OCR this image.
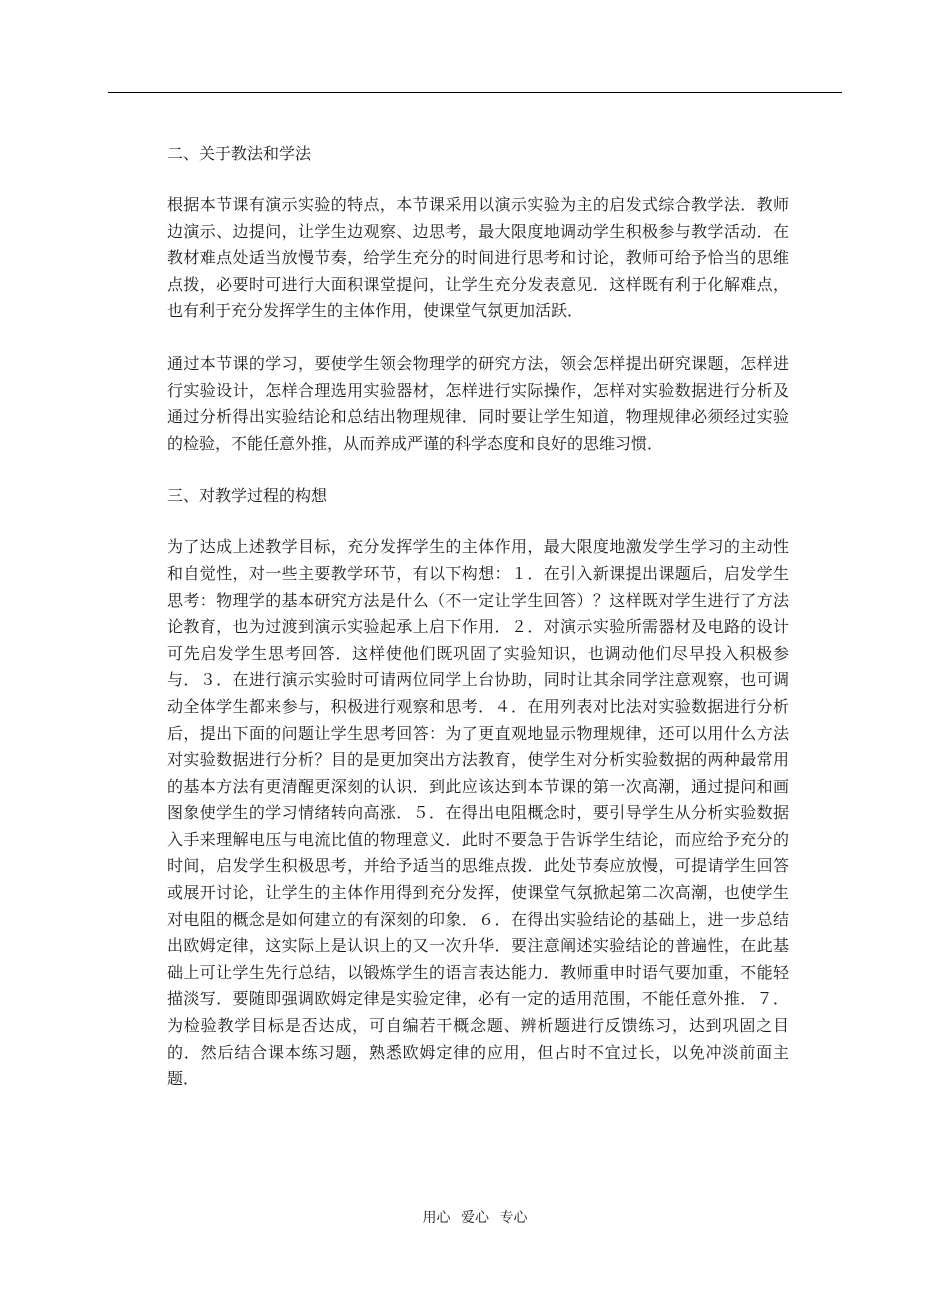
二、关于教法和学法

根据本节课有演示实验的特点，本节课采用以演示实验为主的启发式综合教学法．教师边演示、边提问，让学生边观察、边思考，最大限度地调动学生积极参与教学活动．在教材难点处适当放慢节奏，给学生充分的时间进行思考和讨论，教师可给予恰当的思维点拨，必要时可进行大面积课堂提问，让学生充分发表意见．这样既有利于化解难点，也有利于充分发挥学生的主体作用，使课堂气氛更加活跃．

通过本节课的学习，要使学生领会物理学的研究方法，领会怎样提出研究课题，怎样进行实验设计，怎样合理选用实验器材，怎样进行实际操作，怎样对实验数据进行分析及通过分析得出实验结论和总结出物理规律．同时要让学生知道，物理规律必须经过实验的检验，不能任意外推，从而养成严谨的科学态度和良好的思维习惯．

三、对教学过程的构想

为了达成上述教学目标，充分发挥学生的主体作用，最大限度地激发学生学习的主动性和自觉性，对一些主要教学环节，有以下构想：１．在引入新课提出课题后，启发学生思考：物理学的基本研究方法是什么（不一定让学生回答）？这样既对学生进行了方法论教育，也为过渡到演示实验起承上启下作用．２．对演示实验所需器材及电路的设计可先启发学生思考回答．这样使他们既巩固了实验知识，也调动他们尽早投入积极参与．３．在进行演示实验时可请两位同学上台协助，同时让其余同学注意观察，也可调动全体学生都来参与，积极进行观察和思考．４．在用列表对比法对实验数据进行分析后，提出下面的问题让学生思考回答：为了更直观地显示物理规律，还可以用什么方法对实验数据进行分析？目的是更加突出方法教育，使学生对分析实验数据的两种最常用的基本方法有更清醒更深刻的认识．到此应该达到本节课的第一次高潮，通过提问和画图象使学生的学习情绪转向高涨．５．在得出电阻概念时，要引导学生从分析实验数据入手来理解电压与电流比值的物理意义．此时不要急于告诉学生结论，而应给予充分的时间，启发学生积极思考，并给予适当的思维点拨．此处节奏应放慢，可提请学生回答或展开讨论，让学生的主体作用得到充分发挥，使课堂气氛掀起第二次高潮，也使学生对电阻的概念是如何建立的有深刻的印象．６．在得出实验结论的基础上，进一步总结出欧姆定律，这实际上是认识上的又一次升华．要注意阐述实验结论的普遍性，在此基础上可让学生先行总结，以锻炼学生的语言表达能力．教师重申时语气要加重，不能轻描淡写．要随即强调欧姆定律是实验定律，必有一定的适用范围，不能任意外推．７．为检验教学目标是否达成，可自编若干概念题、辨析题进行反馈练习，达到巩固之目的．然后结合课本练习题，熟悉欧姆定律的应用，但占时不宜过长，以免冲淡前面主题．

用心 爱心 专心
